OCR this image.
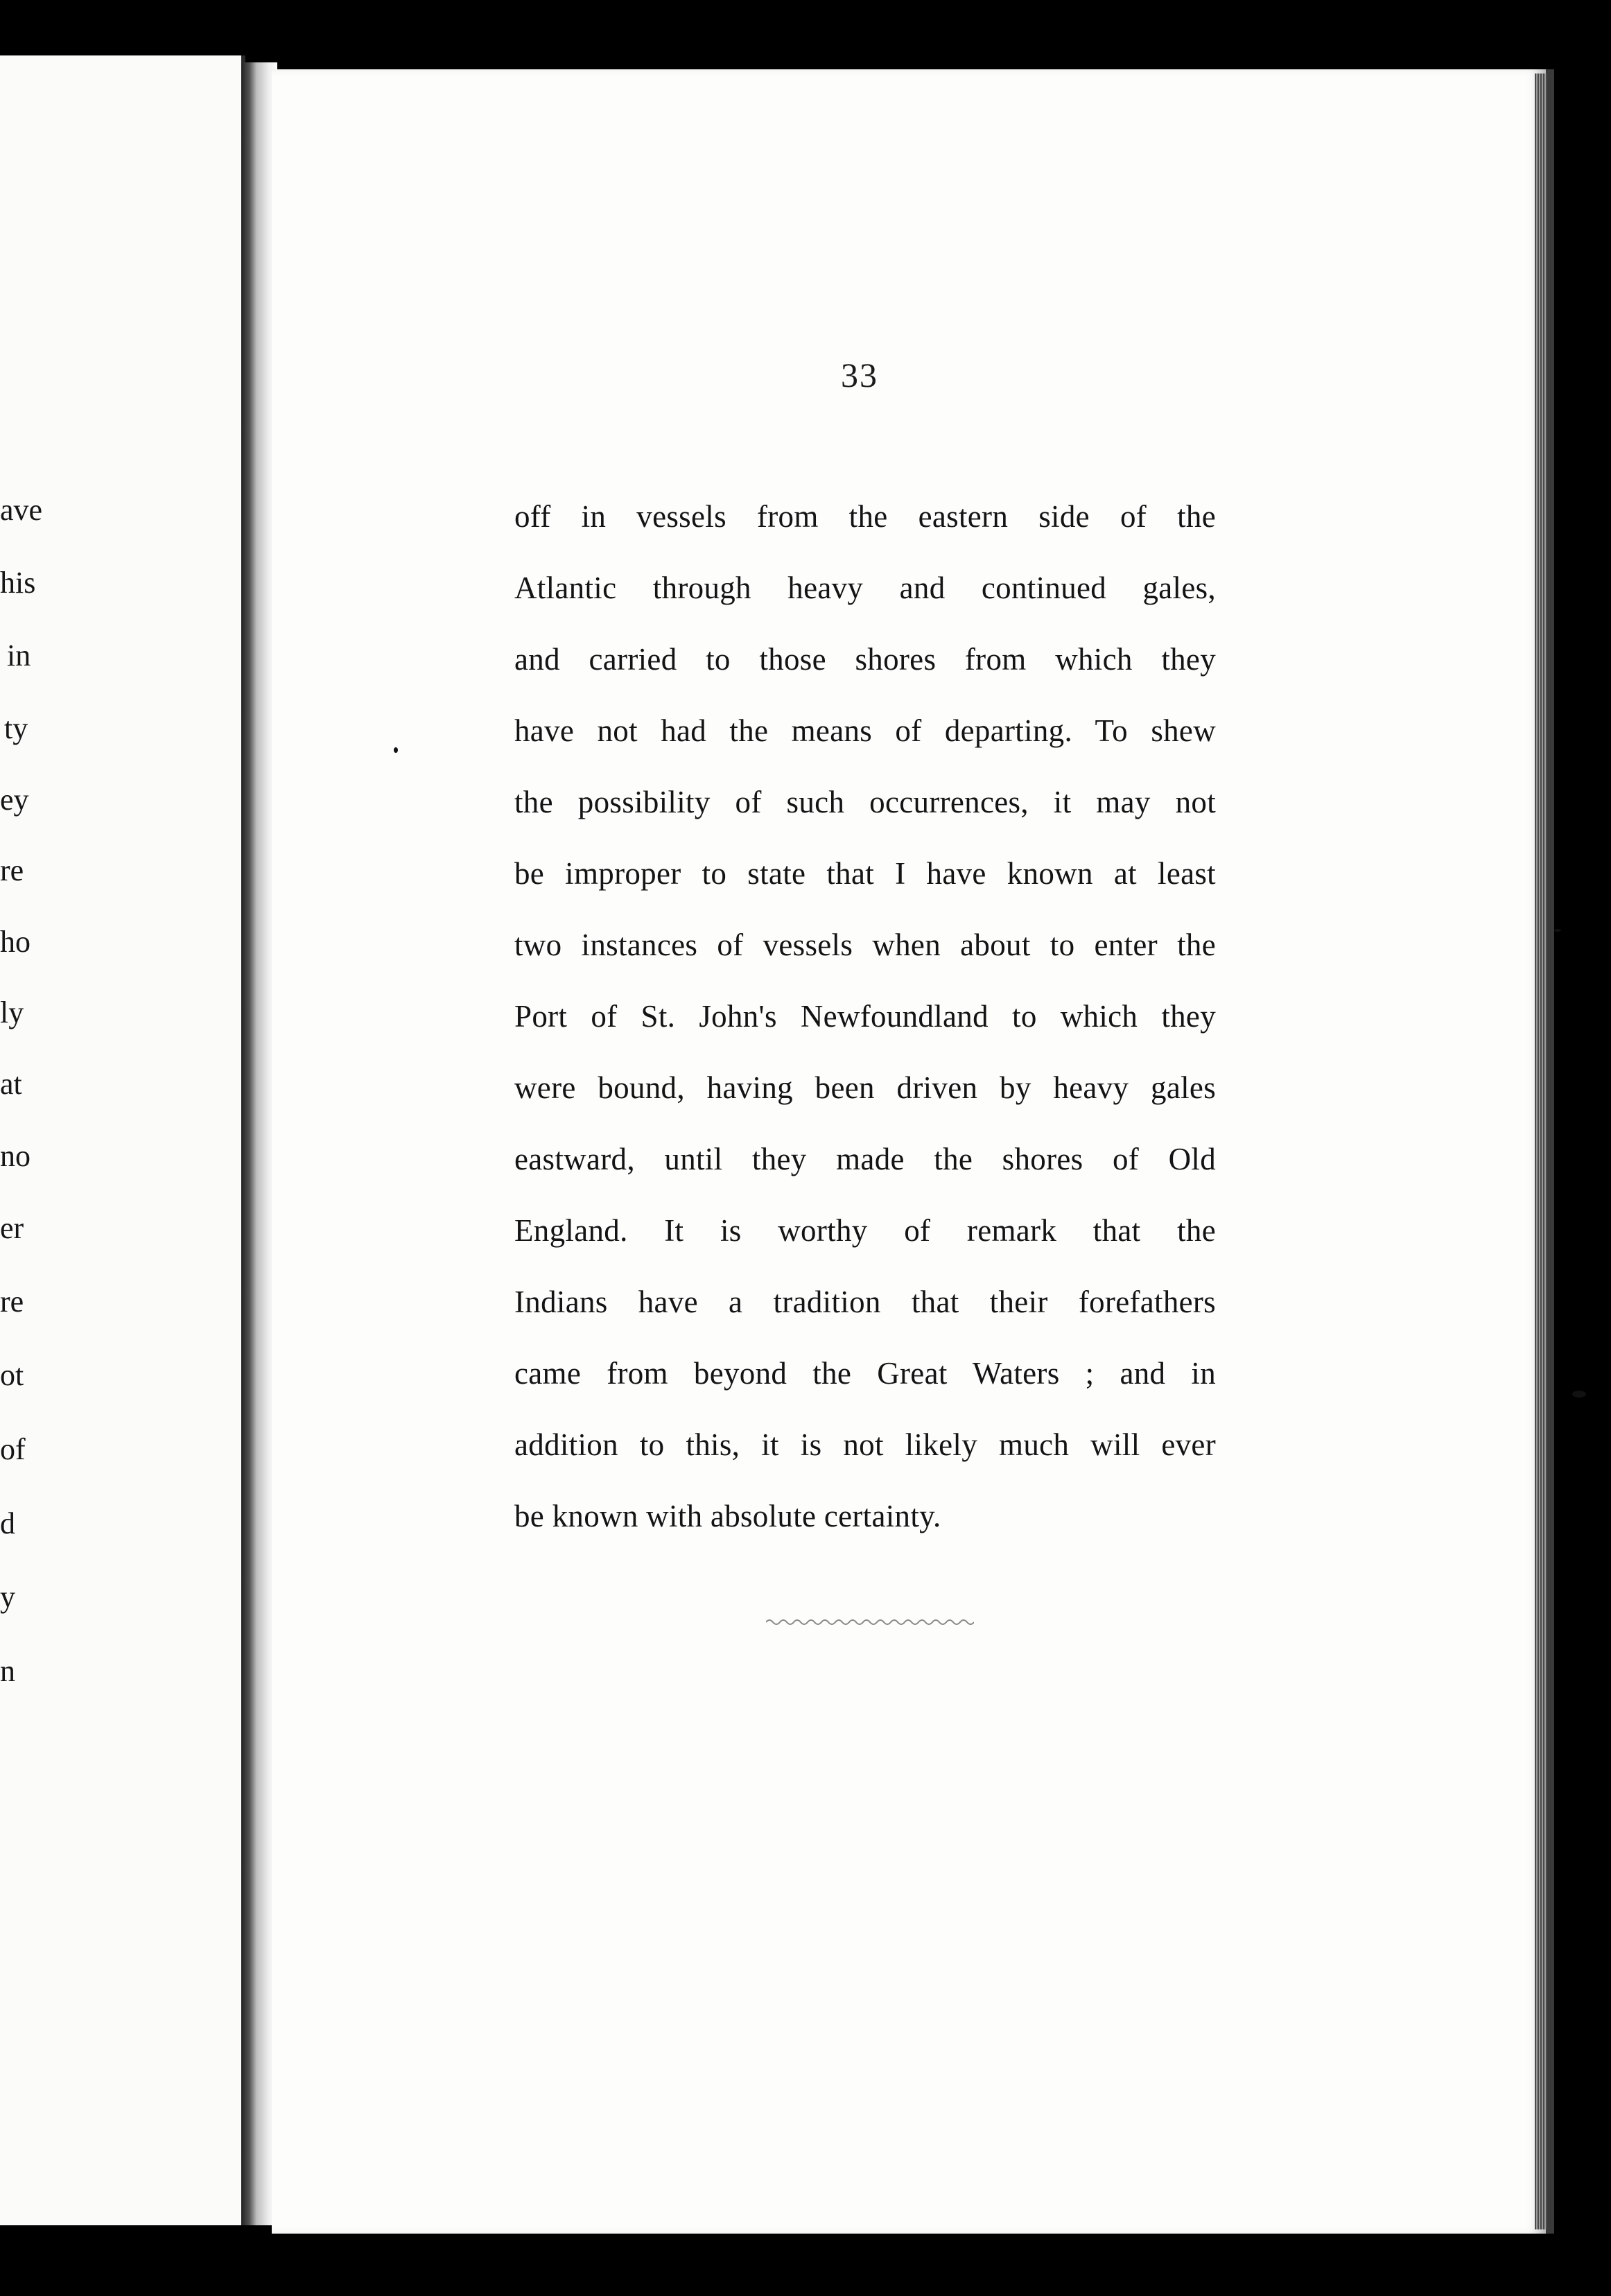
ave
his
in
ty
ey
re
ho
ly
at
no
er
re
ot
of
d
y
n
33
off in vessels from the eastern side of the
Atlantic through heavy and continued gales,
and carried to those shores from which they
have not had the means of departing. To shew
the possibility of such occurrences, it may not
be improper to state that I have known at least
two instances of vessels when about to enter the
Port of St. John's Newfoundland to which they
were bound, having been driven by heavy gales
eastward, until they made the shores of Old
England. It is worthy of remark that the
Indians have a tradition that their forefathers
came from beyond the Great Waters ; and in
addition to this, it is not likely much will ever
be known with absolute certainty.
